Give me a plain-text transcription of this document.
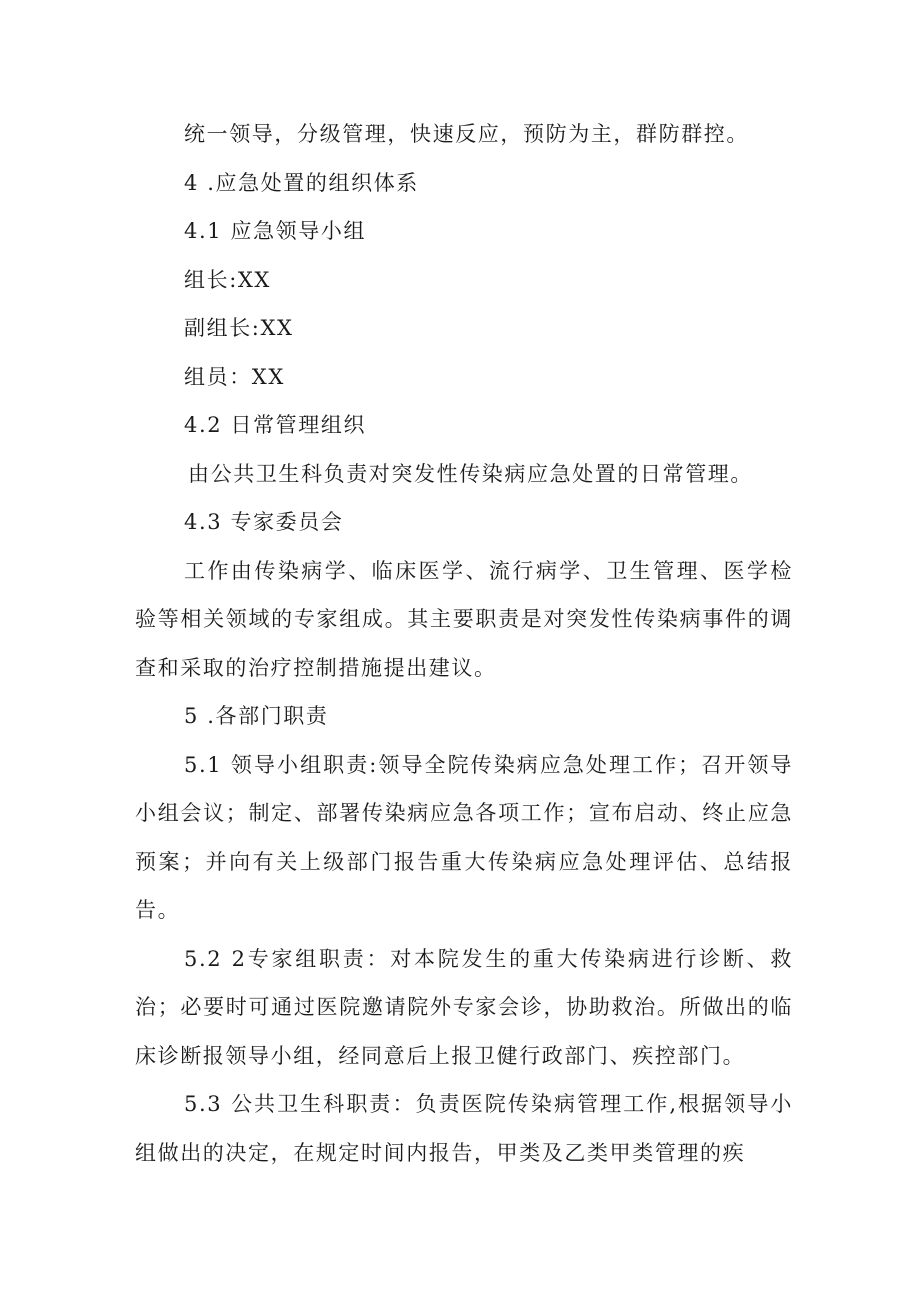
统一领导，分级管理，快速反应，预防为主，群防群控。

4 .应急处置的组织体系

4.1 应急领导小组

组长:XX

副组长:XX

组员：XX

4.2 日常管理组织

由公共卫生科负责对突发性传染病应急处置的日常管理。

4.3 专家委员会

工作由传染病学、临床医学、流行病学、卫生管理、医学检验等相关领域的专家组成。其主要职责是对突发性传染病事件的调查和采取的治疗控制措施提出建议。

5 .各部门职责

5.1 领导小组职责:领导全院传染病应急处理工作；召开领导小组会议；制定、部署传染病应急各项工作；宣布启动、终止应急预案；并向有关上级部门报告重大传染病应急处理评估、总结报告。

5.2 2专家组职责：对本院发生的重大传染病进行诊断、救治；必要时可通过医院邀请院外专家会诊，协助救治。所做出的临床诊断报领导小组，经同意后上报卫健行政部门、疾控部门。

5.3 公共卫生科职责：负责医院传染病管理工作,根据领导小组做出的决定，在规定时间内报告，甲类及乙类甲类管理的疾
